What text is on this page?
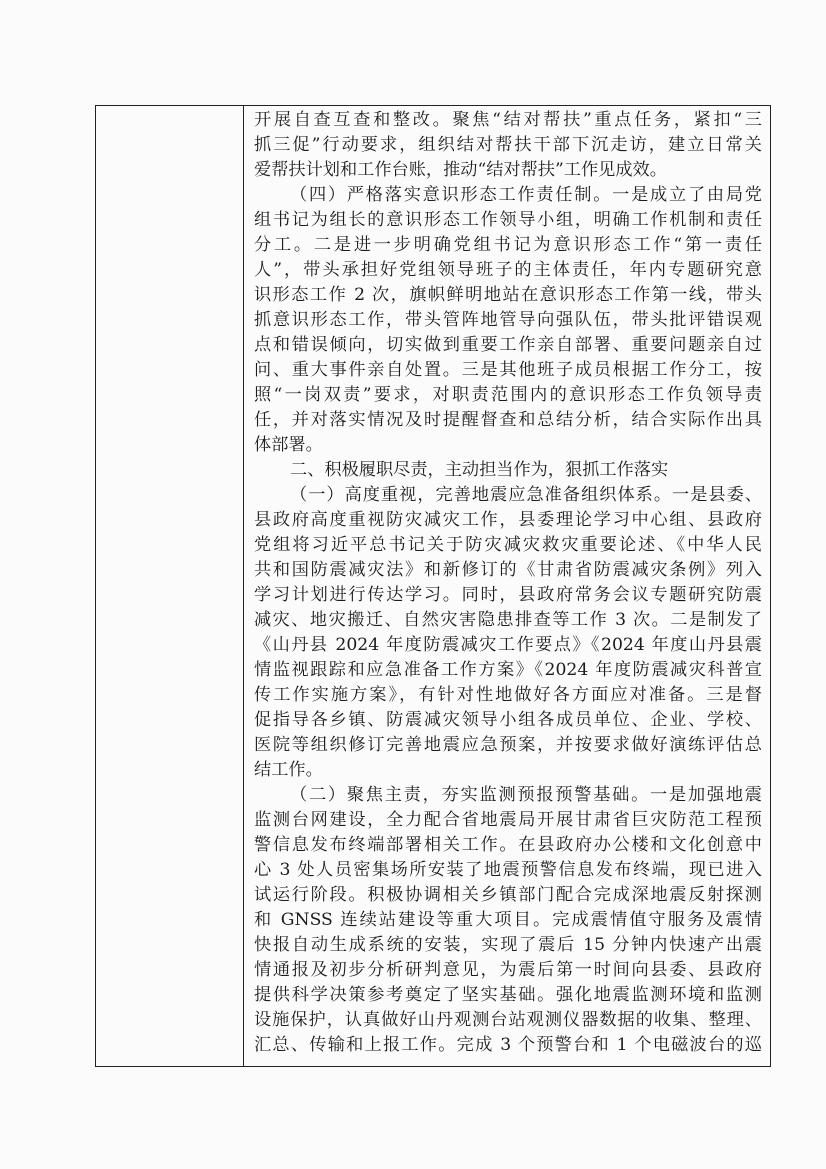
开展自查互查和整改。聚焦“结对帮扶”重点任务，紧扣“三
抓三促”行动要求，组织结对帮扶干部下沉走访，建立日常关
爱帮扶计划和工作台账，推动“结对帮扶”工作见成效。
（四）严格落实意识形态工作责任制。一是成立了由局党
组书记为组长的意识形态工作领导小组，明确工作机制和责任
分工。二是进一步明确党组书记为意识形态工作“第一责任
人”，带头承担好党组领导班子的主体责任，年内专题研究意
识形态工作 2 次，旗帜鲜明地站在意识形态工作第一线，带头
抓意识形态工作，带头管阵地管导向强队伍，带头批评错误观
点和错误倾向，切实做到重要工作亲自部署、重要问题亲自过
问、重大事件亲自处置。三是其他班子成员根据工作分工，按
照“一岗双责”要求，对职责范围内的意识形态工作负领导责
任，并对落实情况及时提醒督查和总结分析，结合实际作出具
体部署。
二、积极履职尽责，主动担当作为，狠抓工作落实
（一）高度重视，完善地震应急准备组织体系。一是县委、
县政府高度重视防灾减灾工作，县委理论学习中心组、县政府
党组将习近平总书记关于防灾减灾救灾重要论述、《中华人民
共和国防震减灾法》和新修订的《甘肃省防震减灾条例》列入
学习计划进行传达学习。同时，县政府常务会议专题研究防震
减灾、地灾搬迁、自然灾害隐患排查等工作 3 次。二是制发了
《山丹县 2024 年度防震减灾工作要点》《2024 年度山丹县震
情监视跟踪和应急准备工作方案》《2024 年度防震减灾科普宣
传工作实施方案》，有针对性地做好各方面应对准备。三是督
促指导各乡镇、防震减灾领导小组各成员单位、企业、学校、
医院等组织修订完善地震应急预案，并按要求做好演练评估总
结工作。
（二）聚焦主责，夯实监测预报预警基础。一是加强地震
监测台网建设，全力配合省地震局开展甘肃省巨灾防范工程预
警信息发布终端部署相关工作。在县政府办公楼和文化创意中
心 3 处人员密集场所安装了地震预警信息发布终端，现已进入
试运行阶段。积极协调相关乡镇部门配合完成深地震反射探测
和 GNSS 连续站建设等重大项目。完成震情值守服务及震情
快报自动生成系统的安装，实现了震后 15 分钟内快速产出震
情通报及初步分析研判意见，为震后第一时间向县委、县政府
提供科学决策参考奠定了坚实基础。强化地震监测环境和监测
设施保护，认真做好山丹观测台站观测仪器数据的收集、整理、
汇总、传输和上报工作。完成 3 个预警台和 1 个电磁波台的巡
